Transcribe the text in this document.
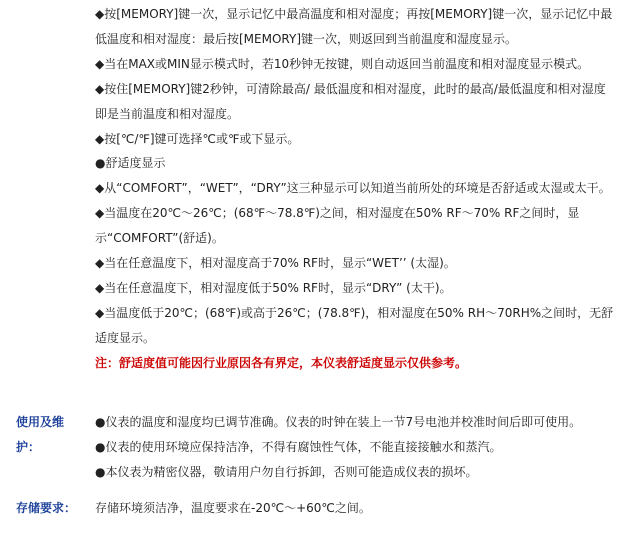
◆按[MEMORY]键一次，显示记忆中最高温度和相对湿度；再按[MEMORY]键一次，显示记忆中最低温度和相对湿度：最后按[MEMORY]键一次，则返回到当前温度和湿度显示。

◆当在MAX或MIN显示模式时，若10秒钟无按键，则自动返回当前温度和相对湿度显示模式。

◆按住[MEMORY]键2秒钟，可清除最高/ 最低温度和相对湿度，此时的最高/最低温度和相对湿度即是当前温度和相对湿度。

◆按[℃/℉]键可选择℃或℉或下显示。

●舒适度显示

◆从“COMFORT”，“WET”，“DRY”这三种显示可以知道当前所处的环境是否舒适或太湿或太干。

◆当温度在20℃～26℃；(68℉～78.8℉)之间，相对湿度在50% RF～70% RF之间时，显示“COMFORT”(舒适)。

◆当在任意温度下，相对湿度高于70% RF时，显示“WET’’ (太湿)。

◆当在任意温度下，相对湿度低于50% RF时，显示“DRY” (太干)。

◆当温度低于20℃；(68℉)或高于26℃；(78.8℉)，相对湿度在50% RH～70RH%之间时，无舒适度显示。

注：舒适度值可能因行业原因各有界定，本仪表舒适度显示仅供参考。

使用及维护：

●仪表的温度和湿度均已调节准确。仪表的时钟在装上一节7号电池并校准时间后即可使用。

●仪表的使用环境应保持洁净，不得有腐蚀性气体，不能直接接触水和蒸汽。

●本仪表为精密仪器，敬请用户勿自行拆卸，否则可能造成仪表的损坏。

存储要求：	存储环境须洁净，温度要求在-20℃～+60℃之间。
